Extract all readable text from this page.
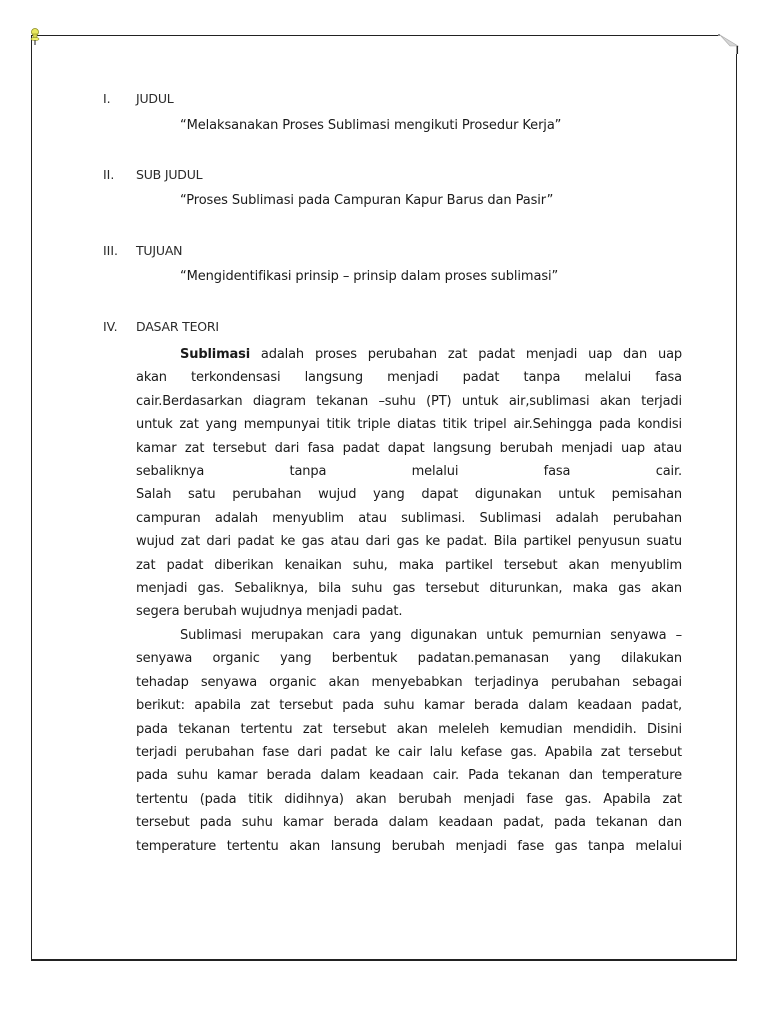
I. JUDUL
“Melaksanakan Proses Sublimasi mengikuti Prosedur Kerja”
II. SUB JUDUL
“Proses Sublimasi pada Campuran Kapur Barus dan Pasir”
III. TUJUAN
“Mengidentifikasi prinsip – prinsip dalam proses sublimasi”
IV. DASAR TEORI
Sublimasi adalah proses perubahan zat padat menjadi uap dan uap
akan terkondensasi langsung menjadi padat tanpa melalui fasa
cair.Berdasarkan diagram tekanan –suhu (PT) untuk air,sublimasi akan terjadi
untuk zat yang mempunyai titik triple diatas titik tripel air.Sehingga pada kondisi
kamar zat tersebut dari fasa padat dapat langsung berubah menjadi uap atau
sebaliknya tanpa melalui fasa cair.
Salah satu perubahan wujud yang dapat digunakan untuk pemisahan
campuran adalah menyublim atau sublimasi. Sublimasi adalah perubahan
wujud zat dari padat ke gas atau dari gas ke padat. Bila partikel penyusun suatu
zat padat diberikan kenaikan suhu, maka partikel tersebut akan menyublim
menjadi gas. Sebaliknya, bila suhu gas tersebut diturunkan, maka gas akan
segera berubah wujudnya menjadi padat.
Sublimasi merupakan cara yang digunakan untuk pemurnian senyawa –
senyawa organic yang berbentuk padatan.pemanasan yang dilakukan
tehadap senyawa organic akan menyebabkan terjadinya perubahan sebagai
berikut: apabila zat tersebut pada suhu kamar berada dalam keadaan padat,
pada tekanan tertentu zat tersebut akan meleleh kemudian mendidih. Disini
terjadi perubahan fase dari padat ke cair lalu kefase gas. Apabila zat tersebut
pada suhu kamar berada dalam keadaan cair. Pada tekanan dan temperature
tertentu (pada titik didihnya) akan berubah menjadi fase gas. Apabila zat
tersebut pada suhu kamar berada dalam keadaan padat, pada tekanan dan
temperature tertentu akan lansung berubah menjadi fase gas tanpa melalui
